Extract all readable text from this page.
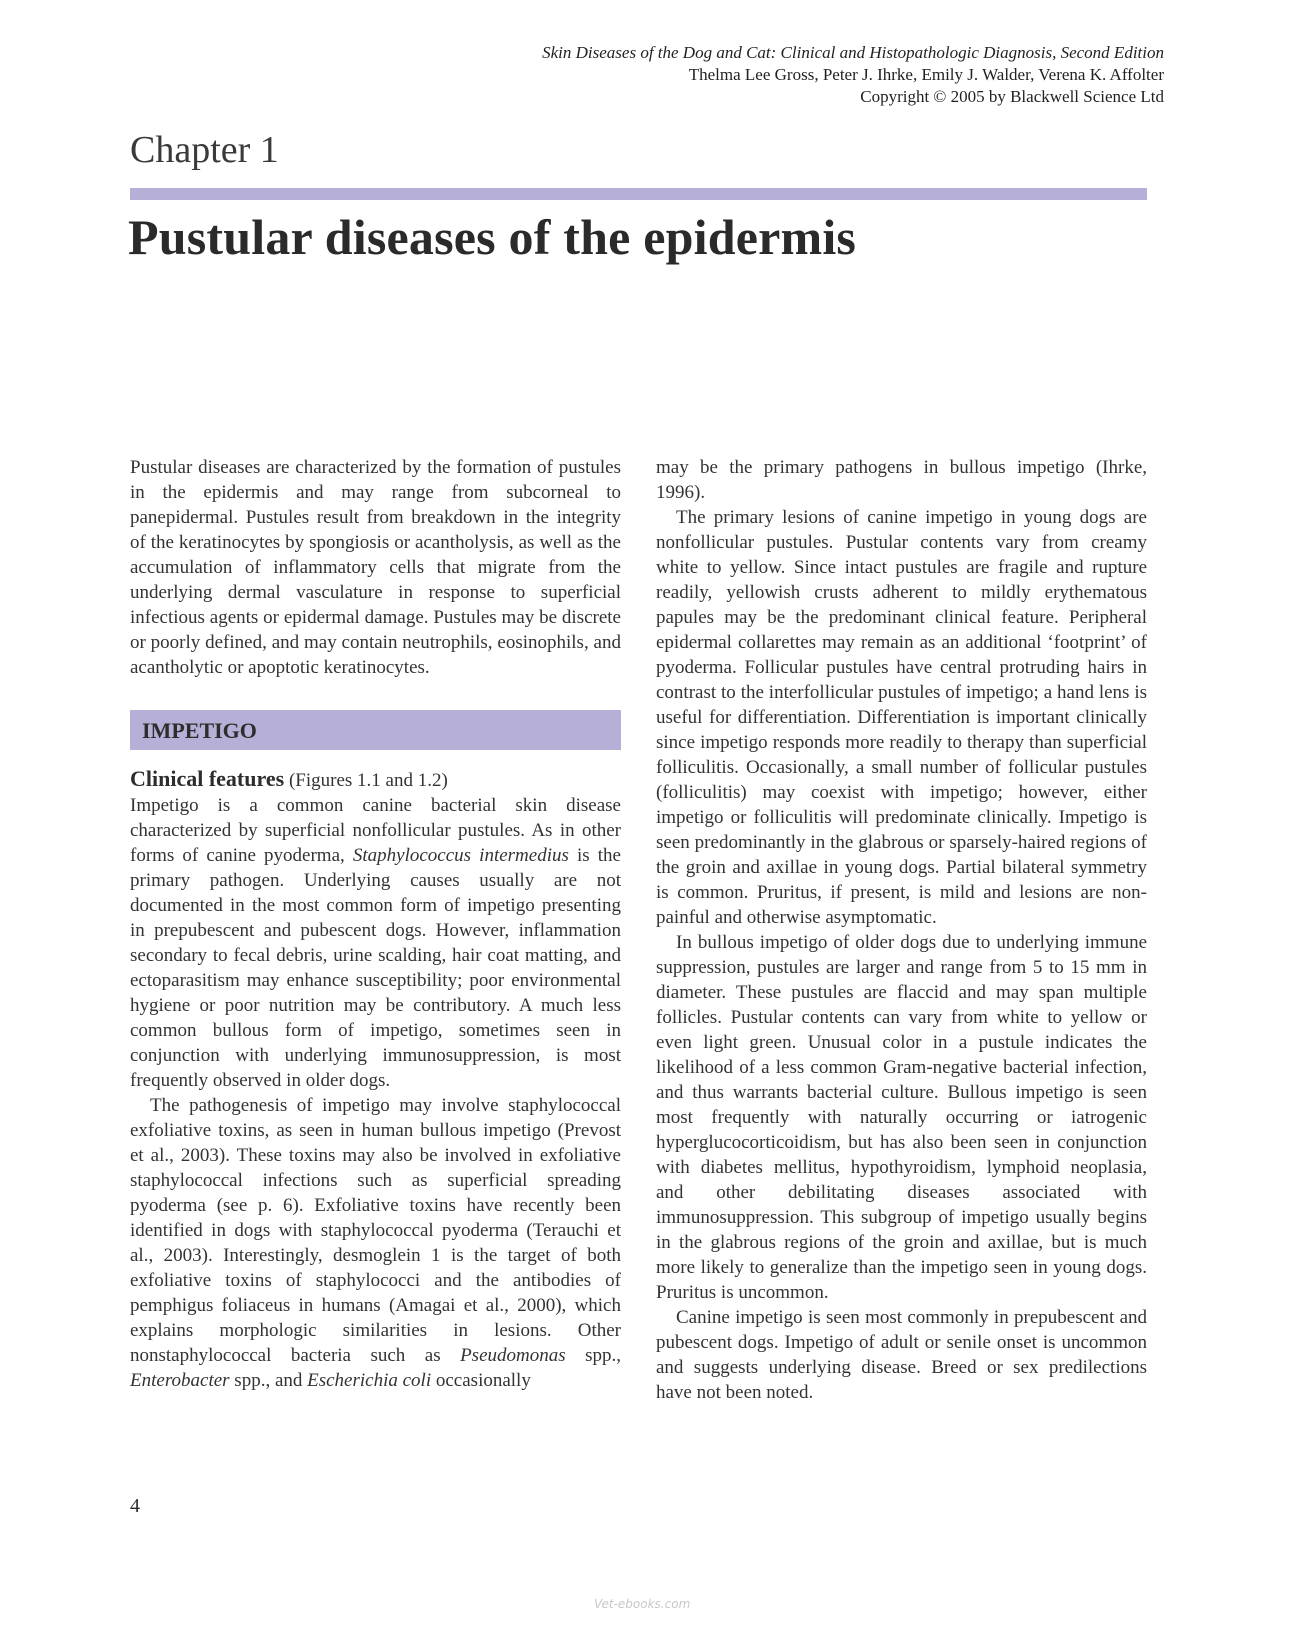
Skin Diseases of the Dog and Cat: Clinical and Histopathologic Diagnosis, Second Edition
Thelma Lee Gross, Peter J. Ihrke, Emily J. Walder, Verena K. Affolter
Copyright © 2005 by Blackwell Science Ltd
Chapter 1
Pustular diseases of the epidermis

Pustular diseases are characterized by the formation of pustules in the epidermis and may range from subcorneal to panepidermal. Pustules result from breakdown in the integrity of the keratinocytes by spongiosis or acantholysis, as well as the accumulation of inflammatory cells that migrate from the underlying dermal vasculature in response to superficial infectious agents or epidermal damage. Pustules may be discrete or poorly defined, and may contain neutrophils, eosinophils, and acantholytic or apoptotic keratinocytes.

IMPETIGO

Clinical features (Figures 1.1 and 1.2)

Impetigo is a common canine bacterial skin disease characterized by superficial nonfollicular pustules. As in other forms of canine pyoderma, Staphylococcus intermedius is the primary pathogen. Underlying causes usually are not documented in the most common form of impetigo presenting in prepubescent and pubescent dogs. However, inflammation secondary to fecal debris, urine scalding, hair coat matting, and ectoparasitism may enhance susceptibility; poor environmental hygiene or poor nutrition may be contributory. A much less common bullous form of impetigo, sometimes seen in conjunction with underlying immunosuppression, is most frequently observed in older dogs.

The pathogenesis of impetigo may involve staphylococcal exfoliative toxins, as seen in human bullous impetigo (Prevost et al., 2003). These toxins may also be involved in exfoliative staphylococcal infections such as superficial spreading pyoderma (see p. 6). Exfoliative toxins have recently been identified in dogs with staphylococcal pyoderma (Terauchi et al., 2003). Interestingly, desmoglein 1 is the target of both exfoliative toxins of staphylococci and the antibodies of pemphigus foliaceus in humans (Amagai et al., 2000), which explains morphologic similarities in lesions. Other nonstaphylococcal bacteria such as Pseudomonas spp., Enterobacter spp., and Escherichia coli occasionally

may be the primary pathogens in bullous impetigo (Ihrke, 1996).

The primary lesions of canine impetigo in young dogs are nonfollicular pustules. Pustular contents vary from creamy white to yellow. Since intact pustules are fragile and rupture readily, yellowish crusts adherent to mildly erythematous papules may be the predominant clinical feature. Peripheral epidermal collarettes may remain as an additional ‘footprint’ of pyoderma. Follicular pustules have central protruding hairs in contrast to the interfollicular pustules of impetigo; a hand lens is useful for differentiation. Differentiation is important clinically since impetigo responds more readily to therapy than superficial folliculitis. Occasionally, a small number of follicular pustules (folliculitis) may coexist with impetigo; however, either impetigo or folliculitis will predominate clinically. Impetigo is seen predominantly in the glabrous or sparsely-haired regions of the groin and axillae in young dogs. Partial bilateral symmetry is common. Pruritus, if present, is mild and lesions are non-painful and otherwise asymptomatic.

In bullous impetigo of older dogs due to underlying immune suppression, pustules are larger and range from 5 to 15 mm in diameter. These pustules are flaccid and may span multiple follicles. Pustular contents can vary from white to yellow or even light green. Unusual color in a pustule indicates the likelihood of a less common Gram-negative bacterial infection, and thus warrants bacterial culture. Bullous impetigo is seen most frequently with naturally occurring or iatrogenic hyperglucocorticoidism, but has also been seen in conjunction with diabetes mellitus, hypothyroidism, lymphoid neoplasia, and other debilitating diseases associated with immunosuppression. This subgroup of impetigo usually begins in the glabrous regions of the groin and axillae, but is much more likely to generalize than the impetigo seen in young dogs. Pruritus is uncommon.

Canine impetigo is seen most commonly in prepubescent and pubescent dogs. Impetigo of adult or senile onset is uncommon and suggests underlying disease. Breed or sex predilections have not been noted.

4
Vet-ebooks.com
